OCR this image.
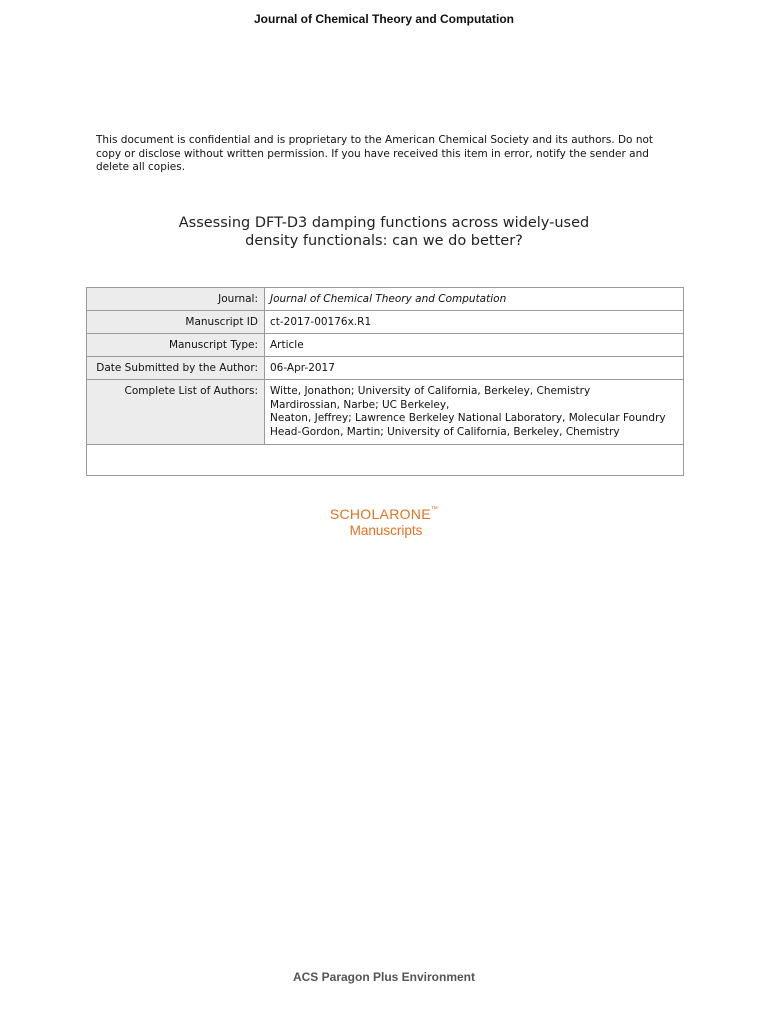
Journal of Chemical Theory and Computation
This document is confidential and is proprietary to the American Chemical Society and its authors. Do not
copy or disclose without written permission. If you have received this item in error, notify the sender and
delete all copies.
Assessing DFT-D3 damping functions across widely-used
density functionals: can we do better?
Journal:	Journal of Chemical Theory and Computation
Manuscript ID	ct-2017-00176x.R1
Manuscript Type:	Article
Date Submitted by the Author:	06-Apr-2017
Complete List of Authors:	Witte, Jonathon; University of California, Berkeley, Chemistry
Mardirossian, Narbe; UC Berkeley,
Neaton, Jeffrey; Lawrence Berkeley National Laboratory, Molecular Foundry
Head-Gordon, Martin; University of California, Berkeley, Chemistry
SCHOLARONE™
Manuscripts
ACS Paragon Plus Environment
